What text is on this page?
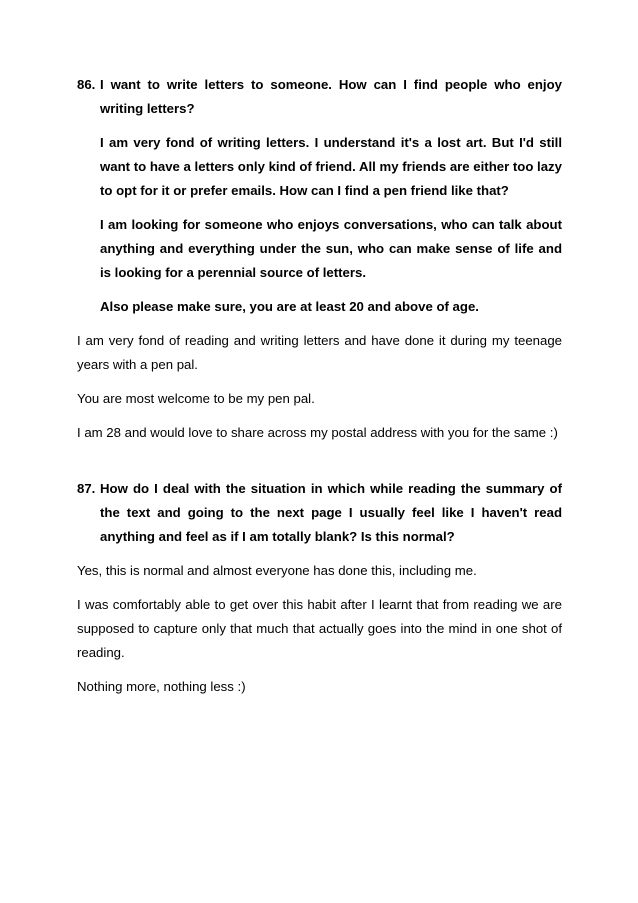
86. I want to write letters to someone. How can I find people who enjoy writing letters?

I am very fond of writing letters. I understand it's a lost art. But I'd still want to have a letters only kind of friend. All my friends are either too lazy to opt for it or prefer emails. How can I find a pen friend like that?

I am looking for someone who enjoys conversations, who can talk about anything and everything under the sun, who can make sense of life and is looking for a perennial source of letters.

Also please make sure, you are at least 20 and above of age.

I am very fond of reading and writing letters and have done it during my teenage years with a pen pal.

You are most welcome to be my pen pal.

I am 28 and would love to share across my postal address with you for the same :)

87. How do I deal with the situation in which while reading the summary of the text and going to the next page I usually feel like I haven't read anything and feel as if I am totally blank? Is this normal?

Yes, this is normal and almost everyone has done this, including me.

I was comfortably able to get over this habit after I learnt that from reading we are supposed to capture only that much that actually goes into the mind in one shot of reading.

Nothing more, nothing less :)
